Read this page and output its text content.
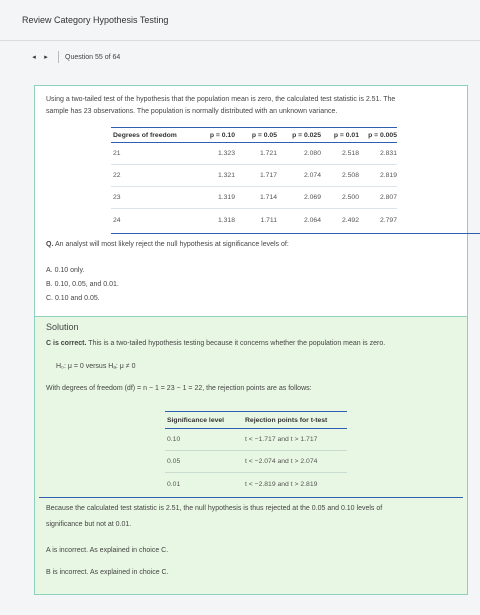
Review Category Hypothesis Testing
◂	▸	Question 55 of 64
Using a two-tailed test of the hypothesis that the population mean is zero, the calculated test statistic is 2.51. The
sample has 23 observations. The population is normally distributed with an unknown variance.
Degrees of freedom	p = 0.10	p = 0.05	p = 0.025	p = 0.01	p = 0.005
21	1.323	1.721	2.080	2.518	2.831
22	1.321	1.717	2.074	2.508	2.819
23	1.319	1.714	2.069	2.500	2.807
24	1.318	1.711	2.064	2.492	2.797
Q. An analyst will most likely reject the null hypothesis at significance levels of:
A. 0.10 only.
B. 0.10, 0.05, and 0.01.
C. 0.10 and 0.05.
Solution
C is correct. This is a two-tailed hypothesis testing because it concerns whether the population mean is zero.
H₀: μ = 0 versus Hₐ: μ ≠ 0
With degrees of freedom (df) = n − 1 = 23 − 1 = 22, the rejection points are as follows:
Significance level	Rejection points for t-test
0.10	t < −1.717 and t > 1.717
0.05	t < −2.074 and t > 2.074
0.01	t < −2.819 and t > 2.819
Because the calculated test statistic is 2.51, the null hypothesis is thus rejected at the 0.05 and 0.10 levels of
significance but not at 0.01.
A is incorrect. As explained in choice C.
B is incorrect. As explained in choice C.
